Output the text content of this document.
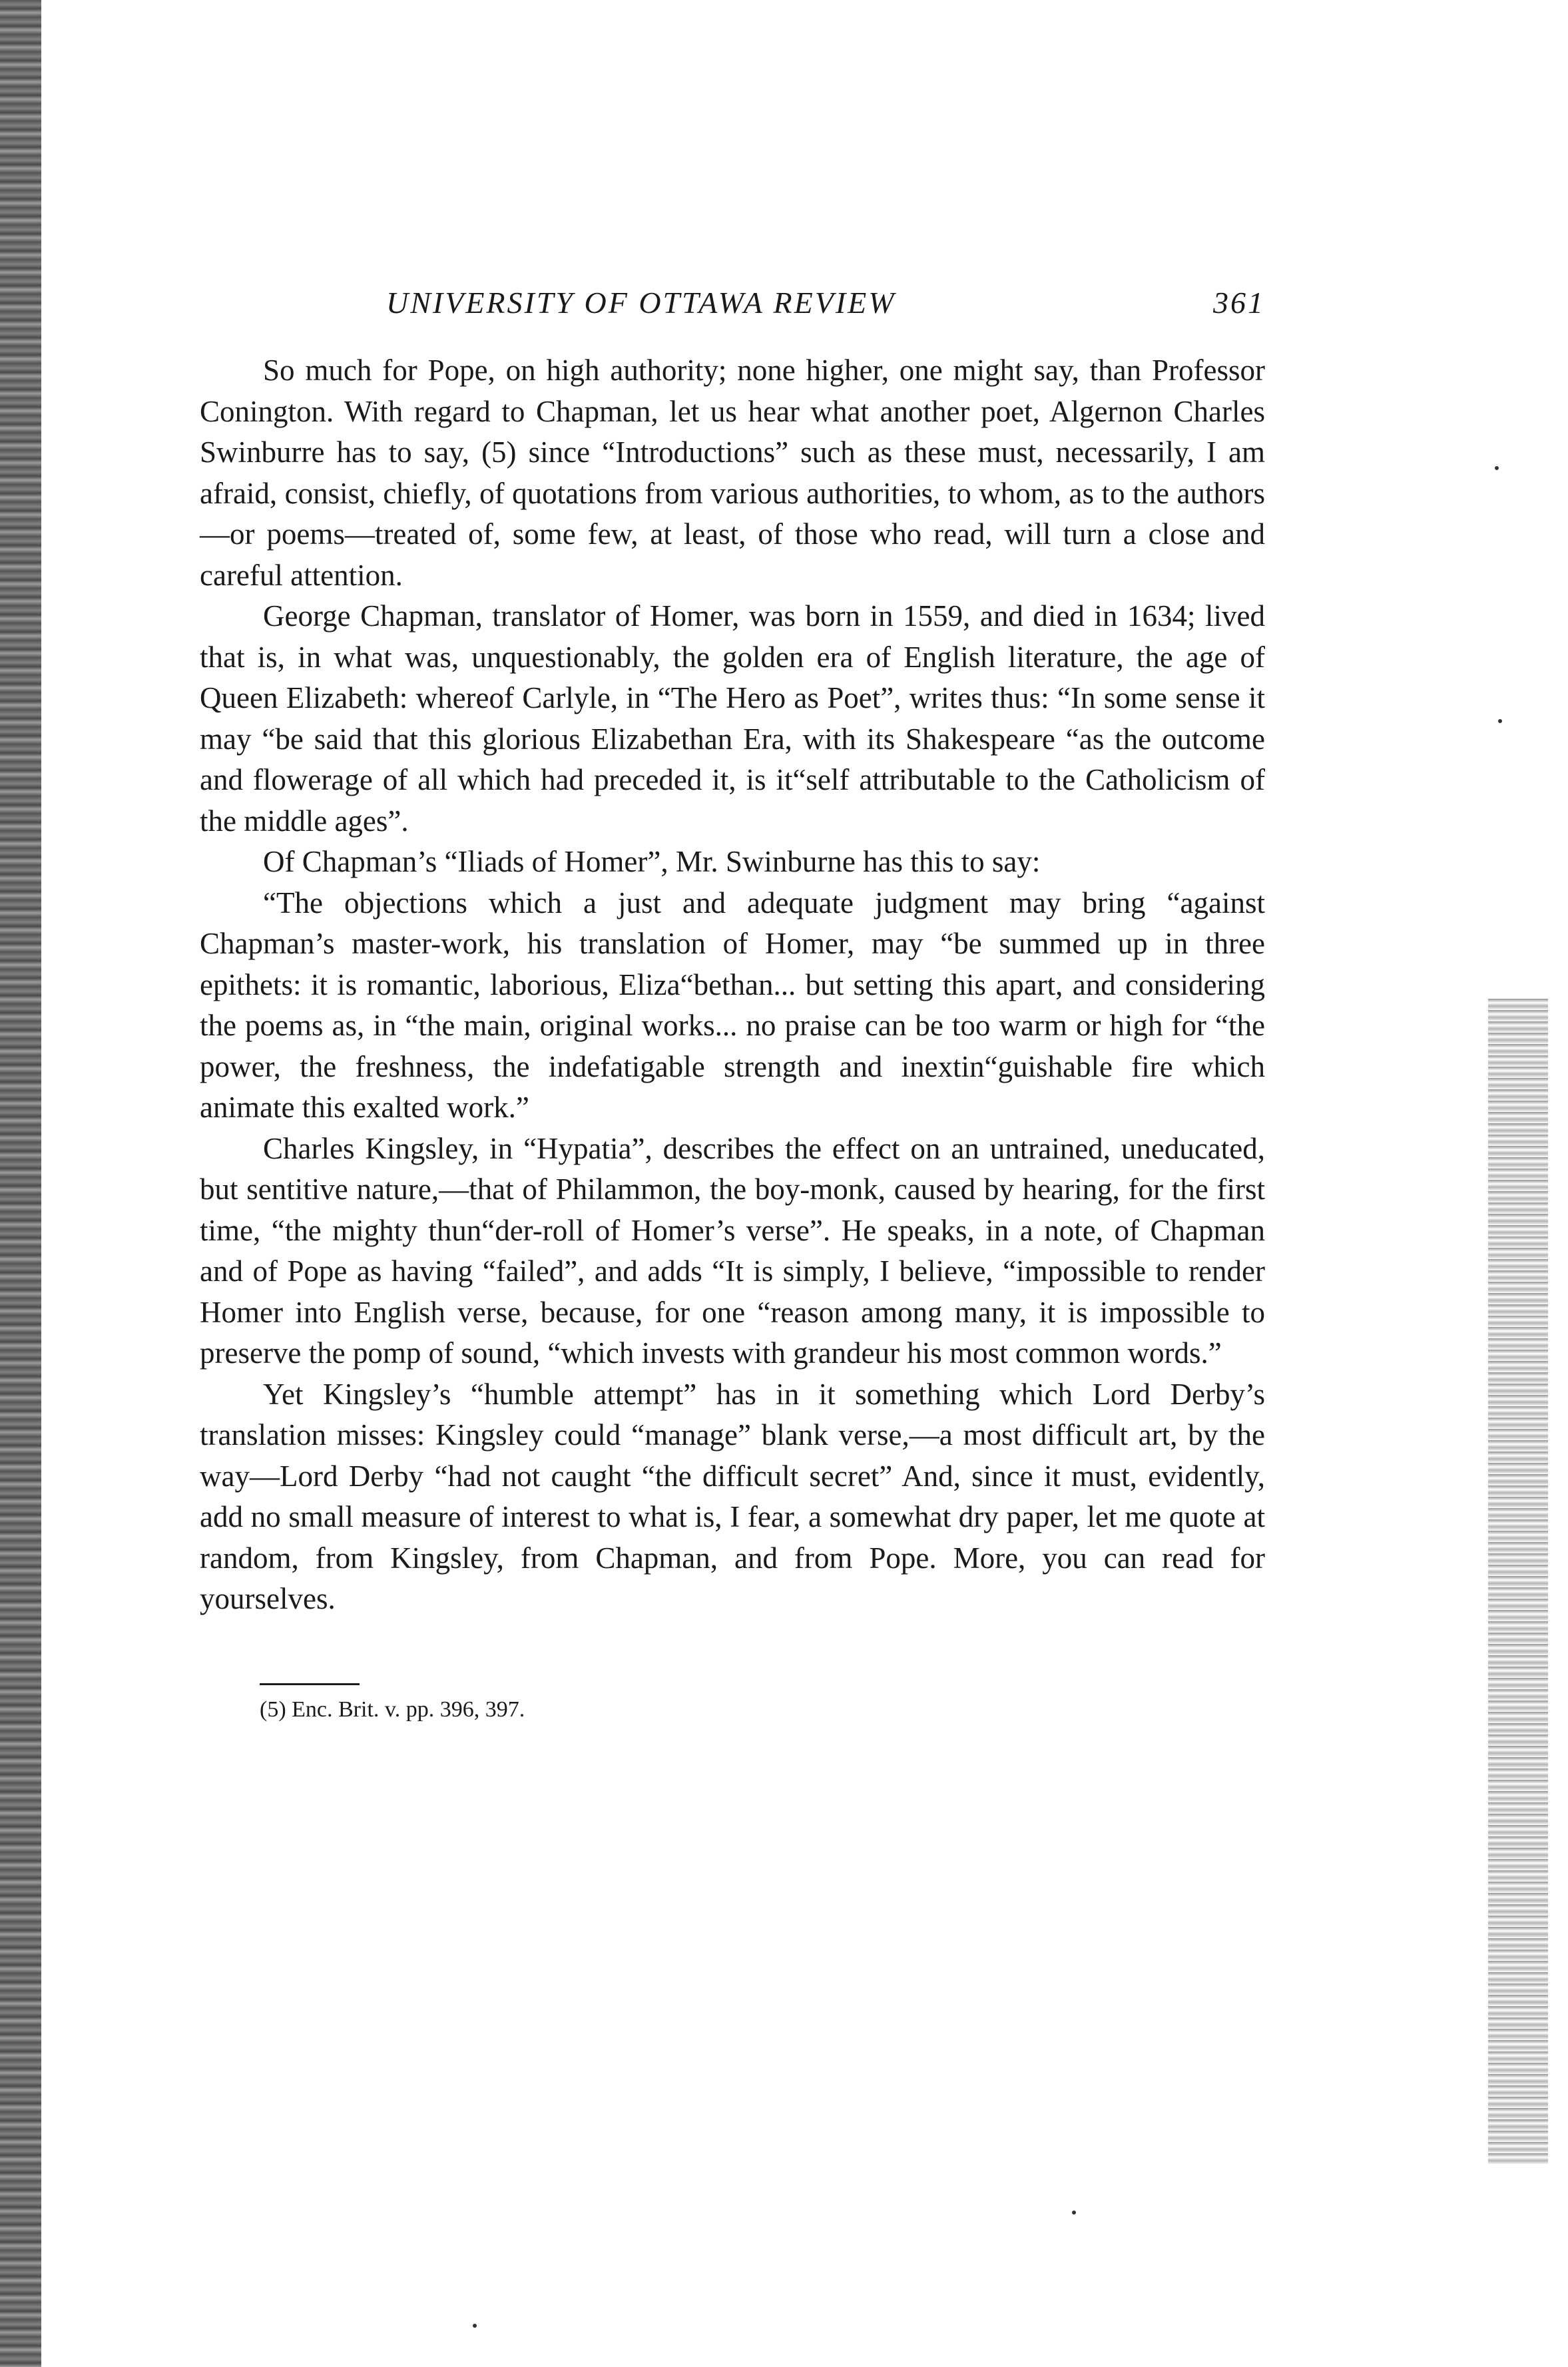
UNIVERSITY OF OTTAWA REVIEW	361

So much for Pope, on high authority; none higher, one might say, than Professor Conington. With regard to Chapman, let us hear what another poet, Algernon Charles Swinburre has to say, (5) since “Introductions” such as these must, necessarily, I am afraid, consist, chiefly, of quotations from various authorities, to whom, as to the authors—or poems—treated of, some few, at least, of those who read, will turn a close and careful attention.

George Chapman, translator of Homer, was born in 1559, and died in 1634; lived that is, in what was, unquestionably, the golden era of English literature, the age of Queen Elizabeth: whereof Carlyle, in “The Hero as Poet”, writes thus: “In some sense it may “be said that this glorious Elizabethan Era, with its Shakespeare “as the outcome and flowerage of all which had preceded it, is it“self attributable to the Catholicism of the middle ages”.

Of Chapman’s “Iliads of Homer”, Mr. Swinburne has this to say:

“The objections which a just and adequate judgment may bring “against Chapman’s master-work, his translation of Homer, may “be summed up in three epithets: it is romantic, laborious, Eliza“bethan... but setting this apart, and considering the poems as, in “the main, original works... no praise can be too warm or high for “the power, the freshness, the indefatigable strength and inextin“guishable fire which animate this exalted work.”

Charles Kingsley, in “Hypatia”, describes the effect on an untrained, uneducated, but sentitive nature,—that of Philammon, the boy-monk, caused by hearing, for the first time, “the mighty thun“der-roll of Homer’s verse”. He speaks, in a note, of Chapman and of Pope as having “failed”, and adds “It is simply, I believe, “impossible to render Homer into English verse, because, for one “reason among many, it is impossible to preserve the pomp of sound, “which invests with grandeur his most common words.”

Yet Kingsley’s “humble attempt” has in it something which Lord Derby’s translation misses: Kingsley could “manage” blank verse,—a most difficult art, by the way—Lord Derby “had not caught “the difficult secret” And, since it must, evidently, add no small measure of interest to what is, I fear, a somewhat dry paper, let me quote at random, from Kingsley, from Chapman, and from Pope. More, you can read for yourselves.

(5) Enc. Brit. v. pp. 396, 397.
